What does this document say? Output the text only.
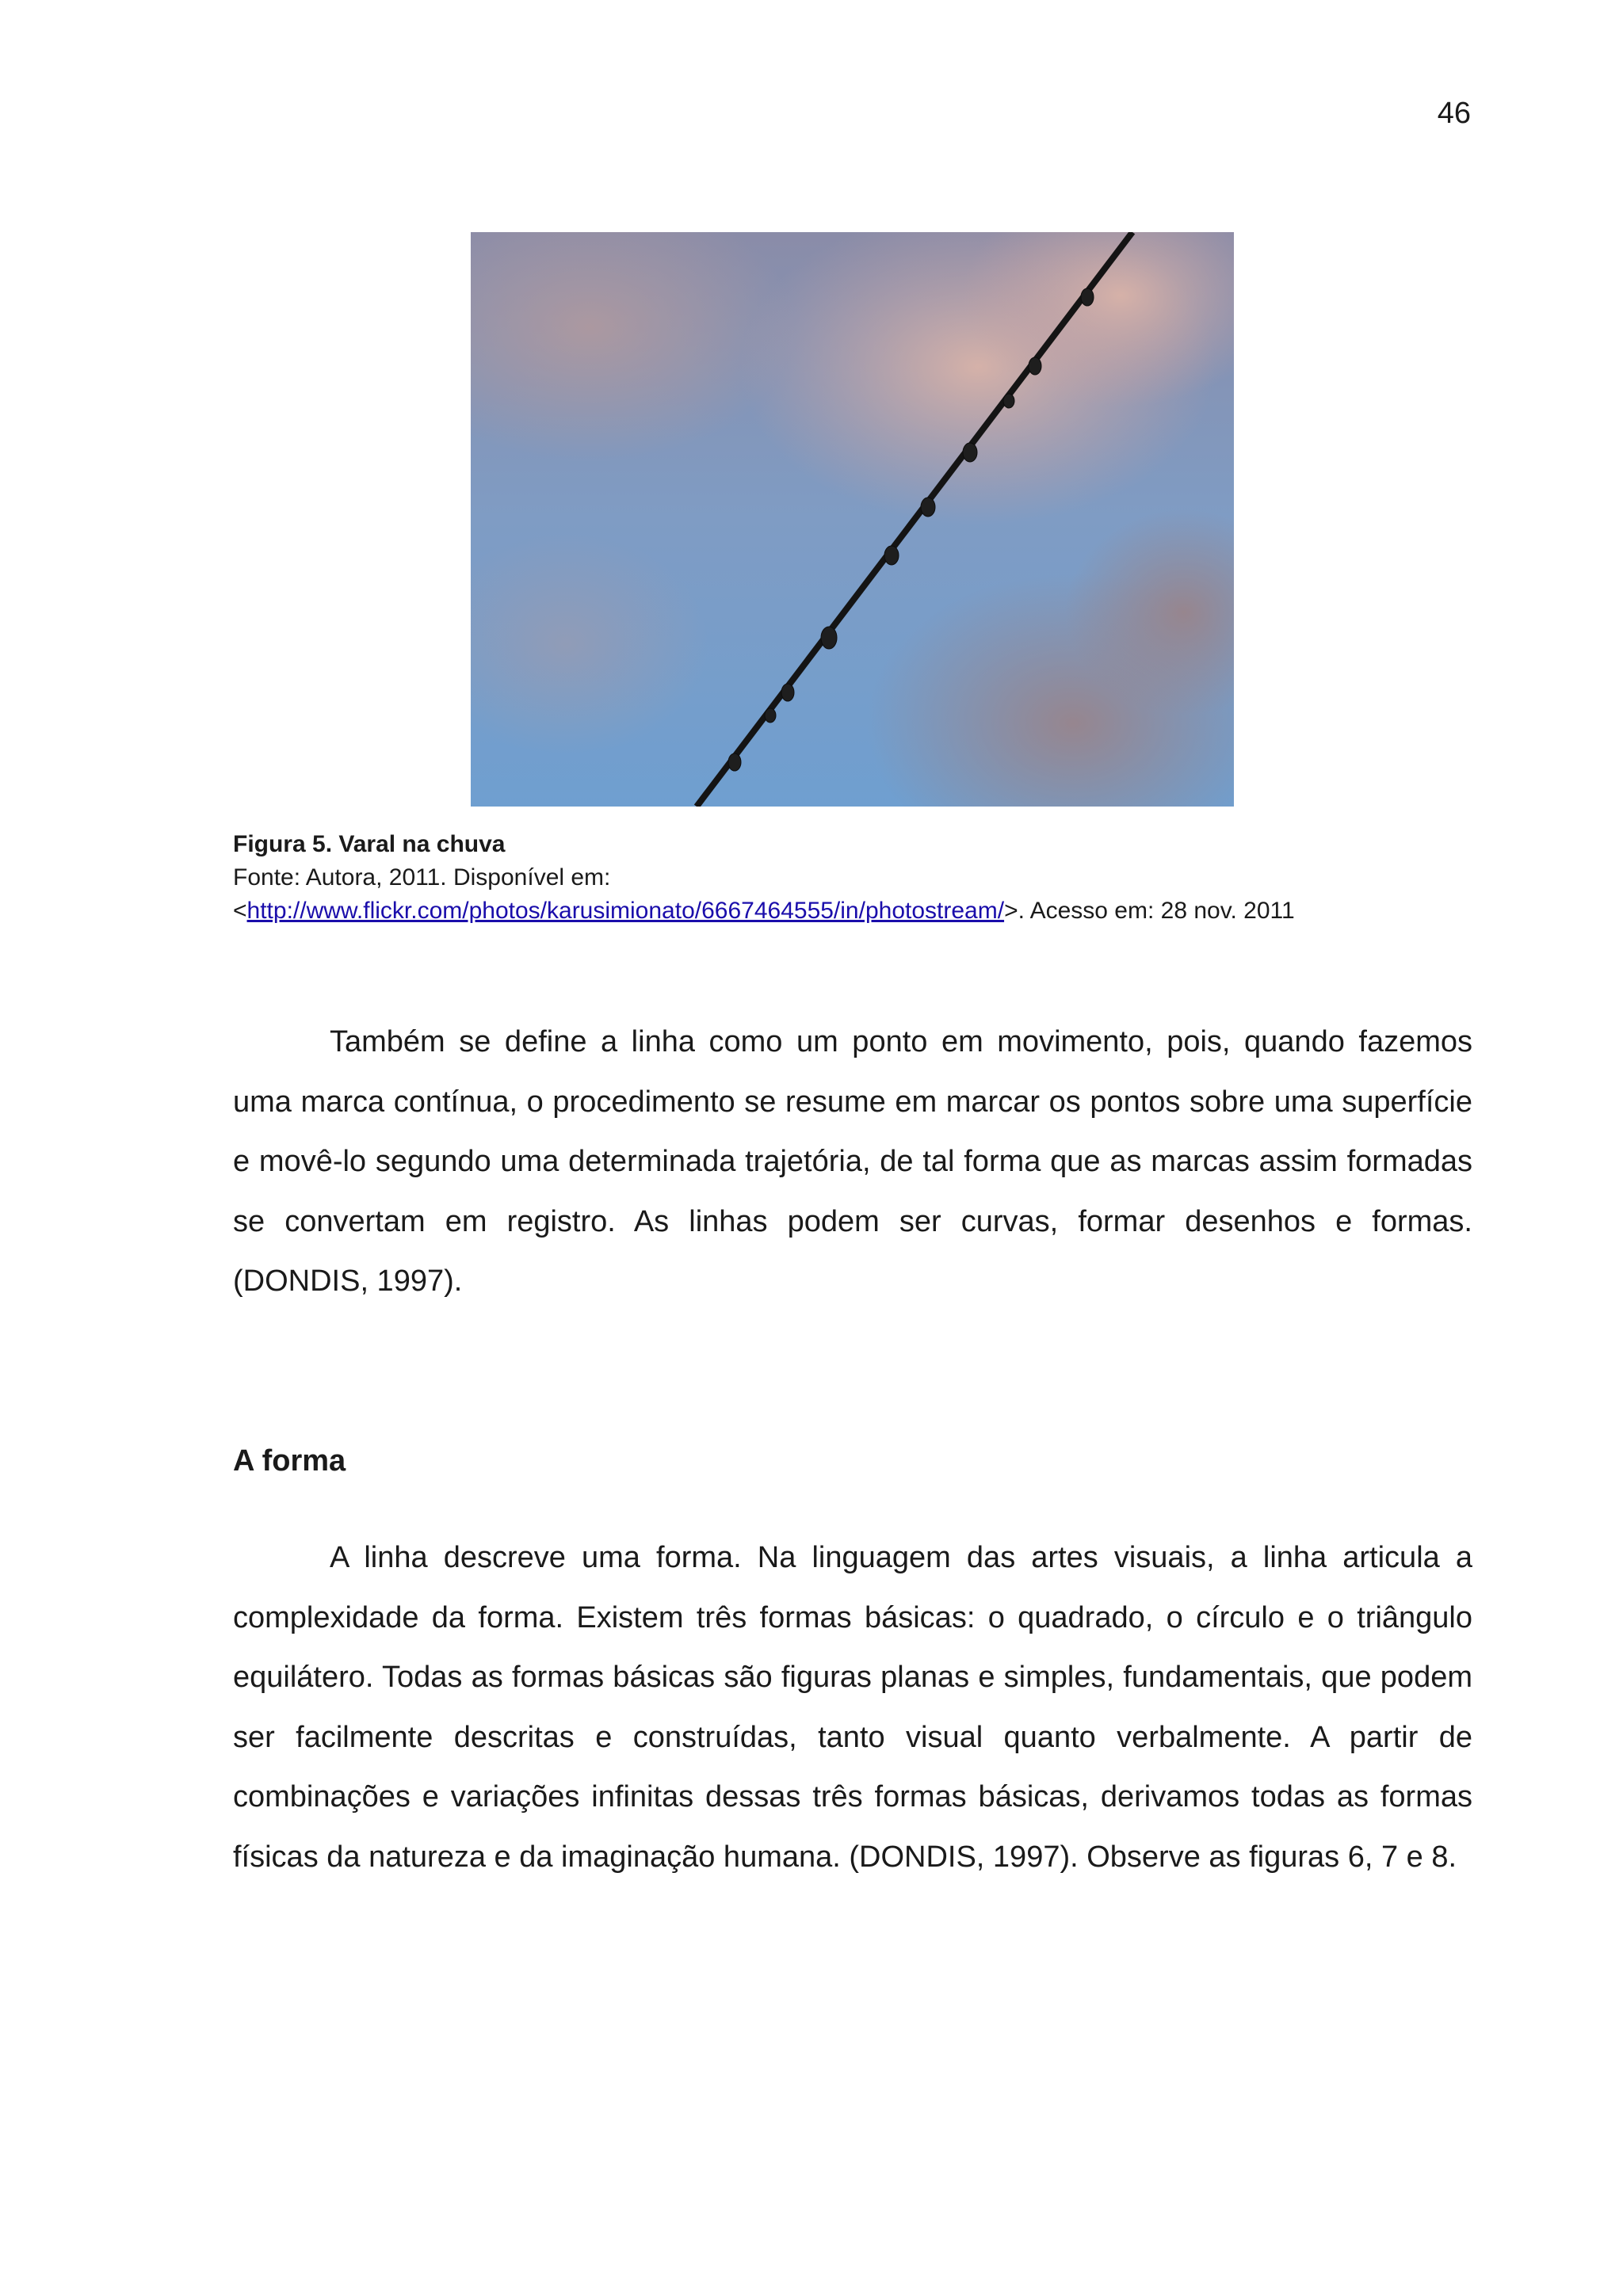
46
Figura 5. Varal na chuva
Fonte: Autora, 2011. Disponível em:
<http://www.flickr.com/photos/karusimionato/6667464555/in/photostream/>. Acesso em: 28 nov. 2011

Também se define a linha como um ponto em movimento, pois, quando fazemos uma marca contínua, o procedimento se resume em marcar os pontos sobre uma superfície e movê-lo segundo uma determinada trajetória, de tal forma que as marcas assim formadas se convertam em registro. As linhas podem ser curvas, formar desenhos e formas. (DONDIS, 1997).

A forma

A linha descreve uma forma. Na linguagem das artes visuais, a linha articula a complexidade da forma. Existem três formas básicas: o quadrado, o círculo e o triângulo equilátero. Todas as formas básicas são figuras planas e simples, fundamentais, que podem ser facilmente descritas e construídas, tanto visual quanto verbalmente. A partir de combinações e variações infinitas dessas três formas básicas, derivamos todas as formas físicas da natureza e da imaginação humana. (DONDIS, 1997). Observe as figuras 6, 7 e 8.
